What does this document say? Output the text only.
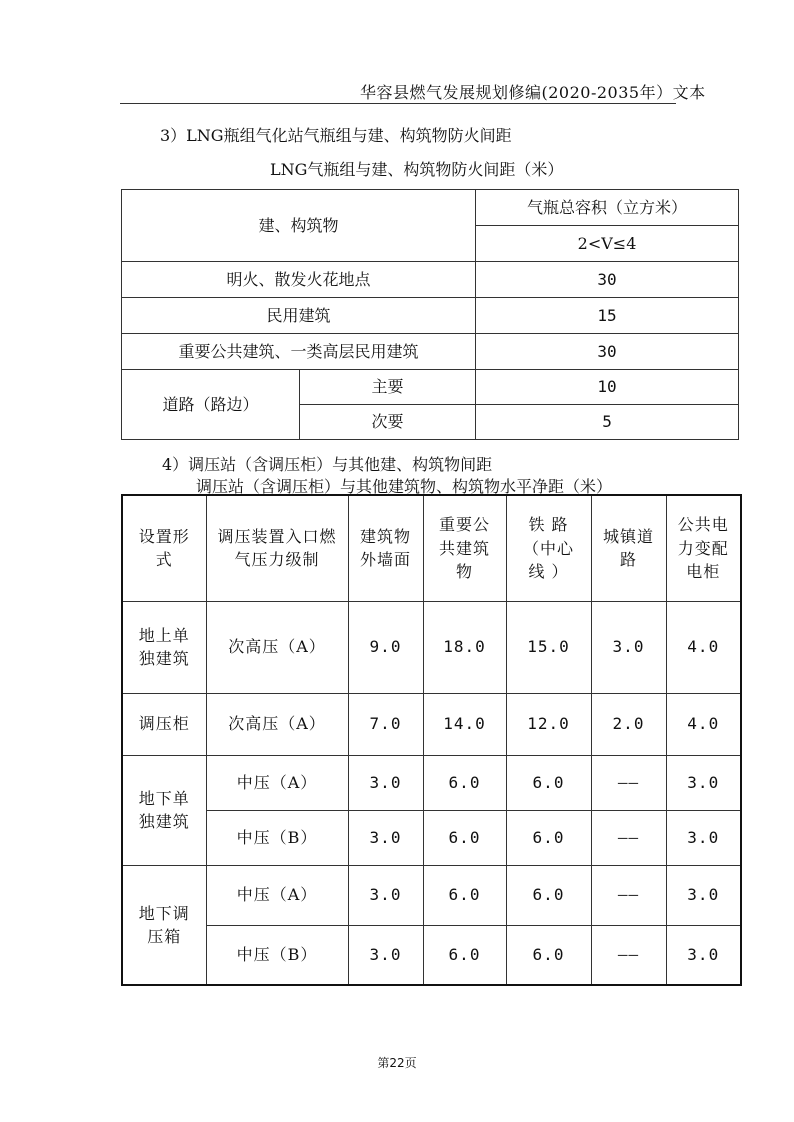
华容县燃气发展规划修编(2020-2035年）文本
3）LNG瓶组气化站气瓶组与建、构筑物防火间距
LNG气瓶组与建、构筑物防火间距（米）
建、构筑物		气瓶总容积（立方米）
		2<V≤4
明火、散发火花地点		30
民用建筑		15
重要公共建筑、一类高层民用建筑		30
道路（路边）	主要	10
	次要	5
4）调压站（含调压柜）与其他建、构筑物间距
调压站（含调压柜）与其他建筑物、构筑物水平净距（米）
设置形式	调压装置入口燃气压力级制	建筑物外墙面	重要公共建筑物	铁 路（中心线 ）	城镇道路	公共电力变配电柜
地上单独建筑	次高压（A）	9.0	18.0	15.0	3.0	4.0
调压柜	次高压（A）	7.0	14.0	12.0	2.0	4.0
地下单独建筑	中压（A）	3.0	6.0	6.0	——	3.0
	中压（B）	3.0	6.0	6.0	——	3.0
地下调压箱	中压（A）	3.0	6.0	6.0	——	3.0
	中压（B）	3.0	6.0	6.0	——	3.0
第22页
